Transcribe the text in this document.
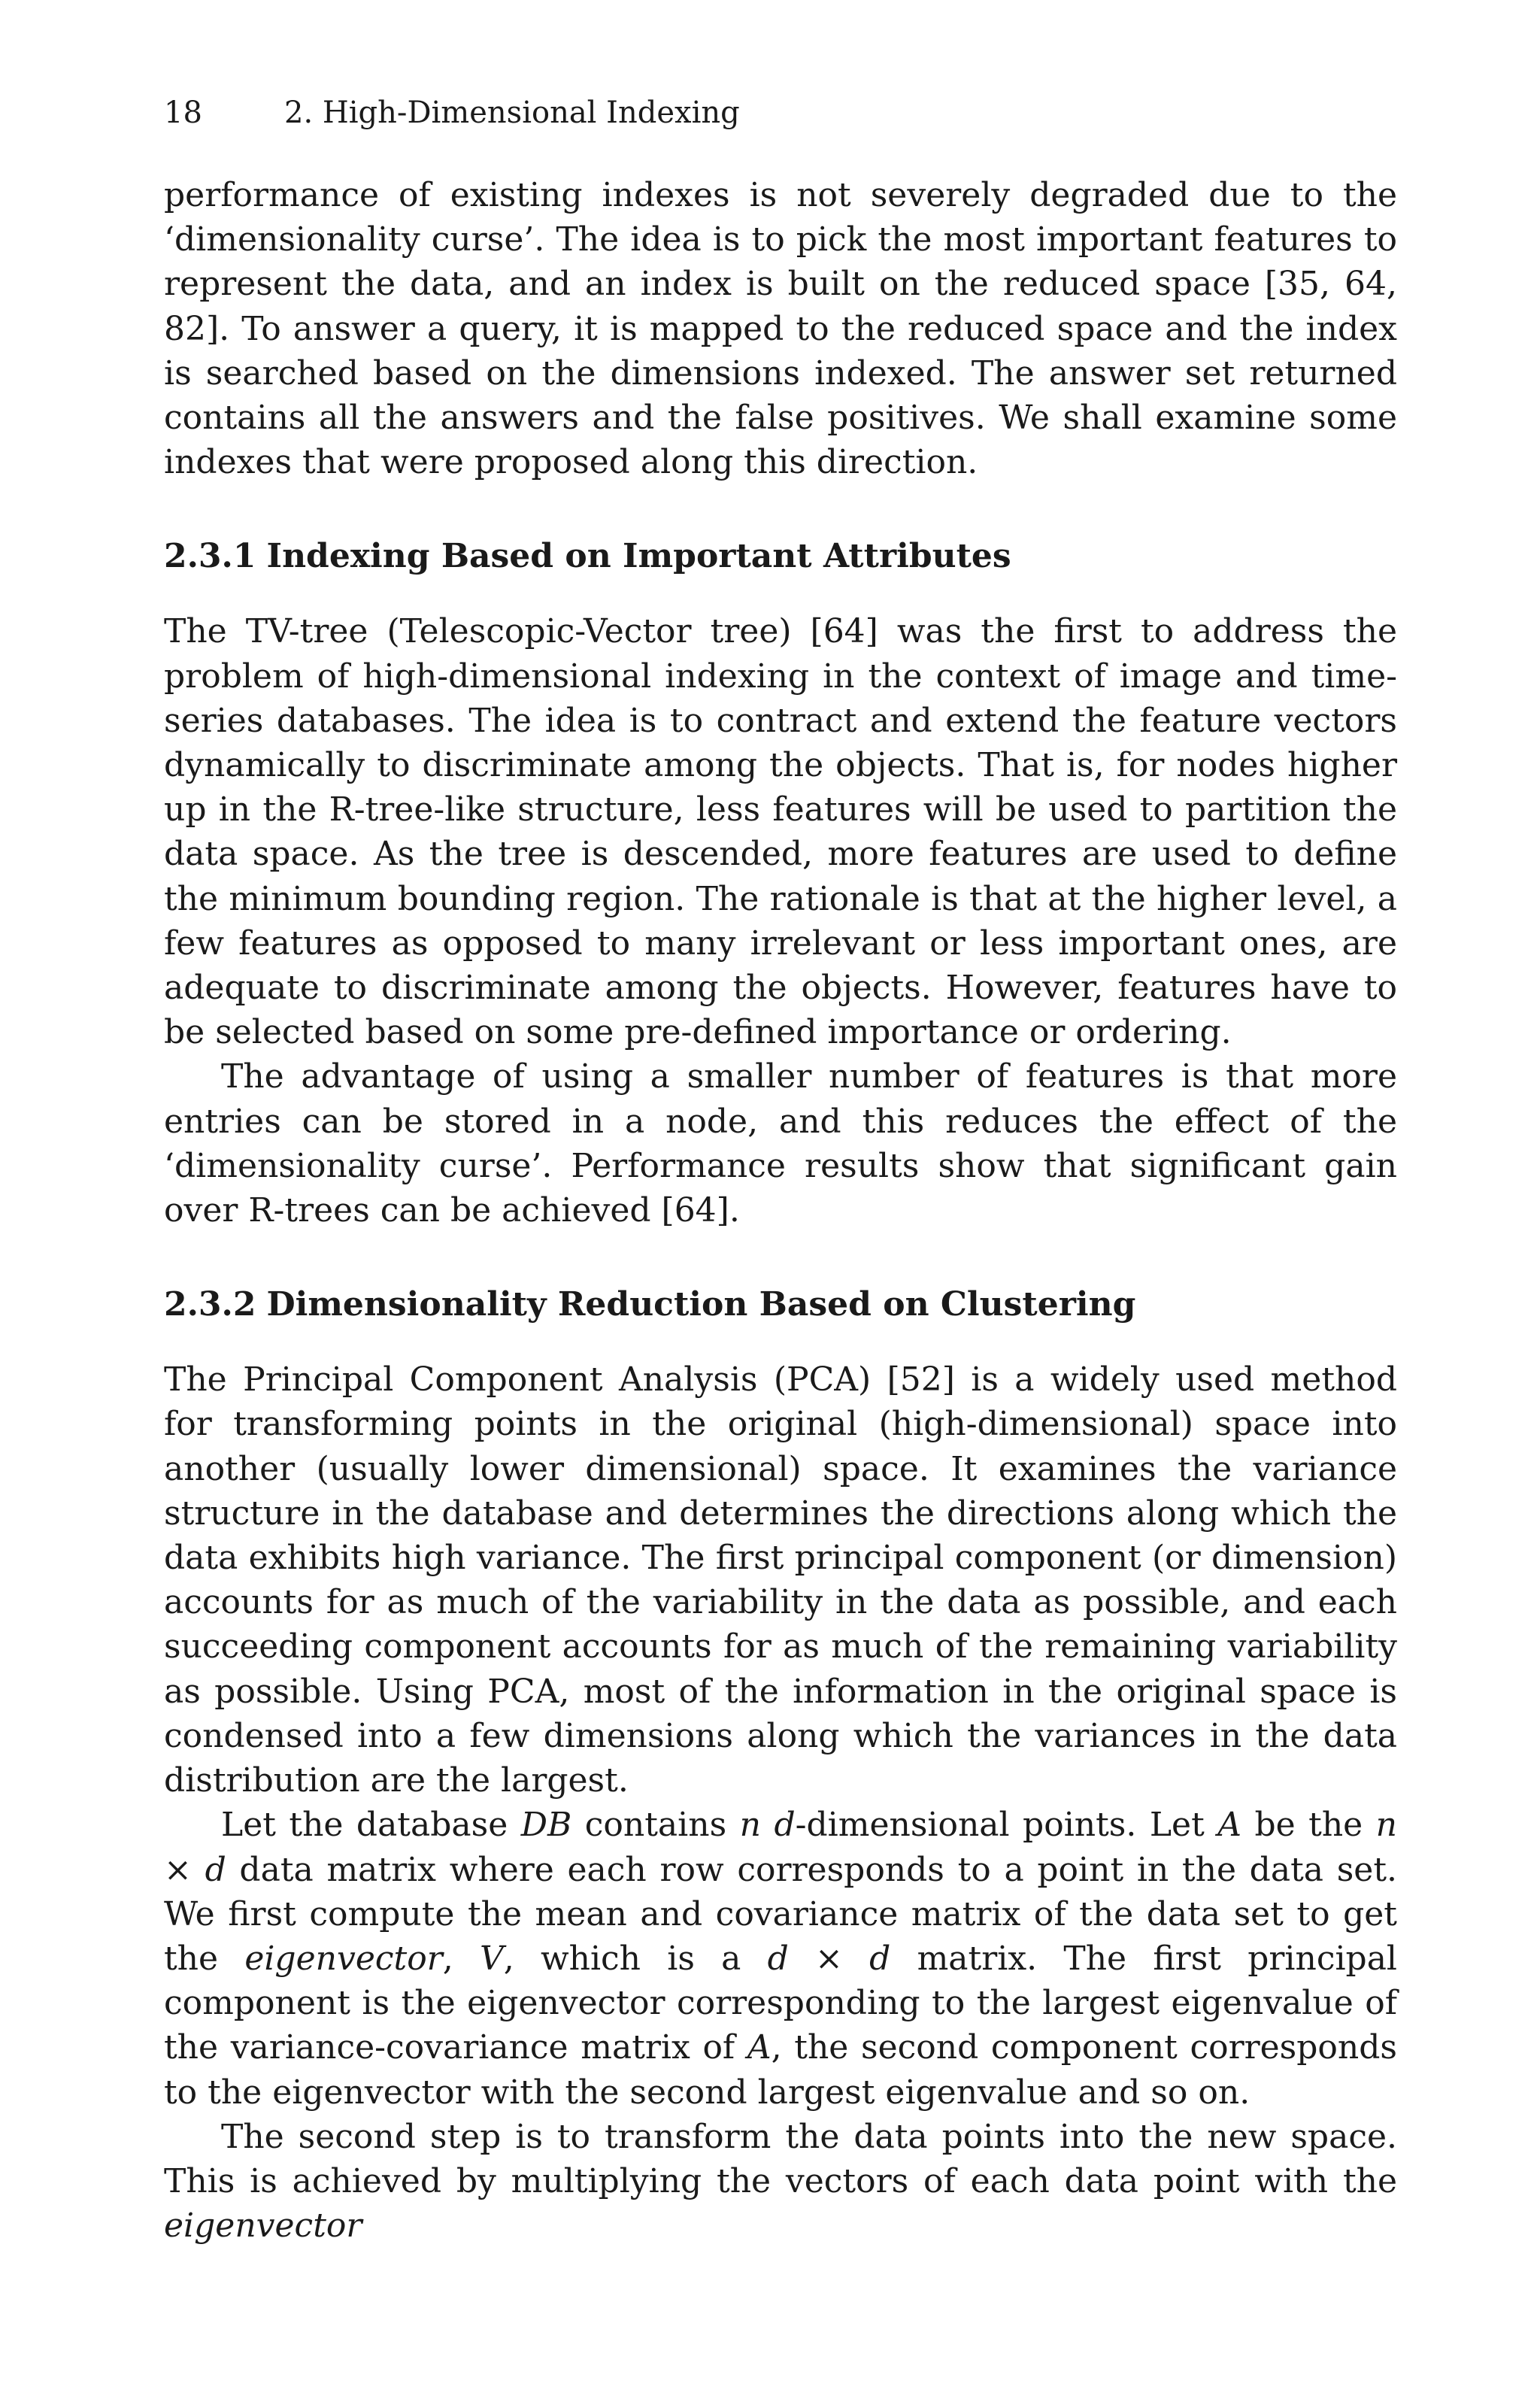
18	2. High-Dimensional Indexing

performance of existing indexes is not severely degraded due to the ‘dimensionality curse’. The idea is to pick the most important features to represent the data, and an index is built on the reduced space [35, 64, 82]. To answer a query, it is mapped to the reduced space and the index is searched based on the dimensions indexed. The answer set returned contains all the answers and the false positives. We shall examine some indexes that were proposed along this direction.

2.3.1 Indexing Based on Important Attributes

The TV-tree (Telescopic-Vector tree) [64] was the first to address the problem of high-dimensional indexing in the context of image and time-series databases. The idea is to contract and extend the feature vectors dynamically to discriminate among the objects. That is, for nodes higher up in the R-tree-like structure, less features will be used to partition the data space. As the tree is descended, more features are used to define the minimum bounding region. The rationale is that at the higher level, a few features as opposed to many irrelevant or less important ones, are adequate to discriminate among the objects. However, features have to be selected based on some pre-defined importance or ordering.

The advantage of using a smaller number of features is that more entries can be stored in a node, and this reduces the effect of the ‘dimensionality curse’. Performance results show that significant gain over R-trees can be achieved [64].

2.3.2 Dimensionality Reduction Based on Clustering

The Principal Component Analysis (PCA) [52] is a widely used method for transforming points in the original (high-dimensional) space into another (usually lower dimensional) space. It examines the variance structure in the database and determines the directions along which the data exhibits high variance. The first principal component (or dimension) accounts for as much of the variability in the data as possible, and each succeeding component accounts for as much of the remaining variability as possible. Using PCA, most of the information in the original space is condensed into a few dimensions along which the variances in the data distribution are the largest.

Let the database DB contains n d-dimensional points. Let A be the n × d data matrix where each row corresponds to a point in the data set. We first compute the mean and covariance matrix of the data set to get the eigenvector, V, which is a d × d matrix. The first principal component is the eigenvector corresponding to the largest eigenvalue of the variance-covariance matrix of A, the second component corresponds to the eigenvector with the second largest eigenvalue and so on.

The second step is to transform the data points into the new space. This is achieved by multiplying the vectors of each data point with the eigenvector
